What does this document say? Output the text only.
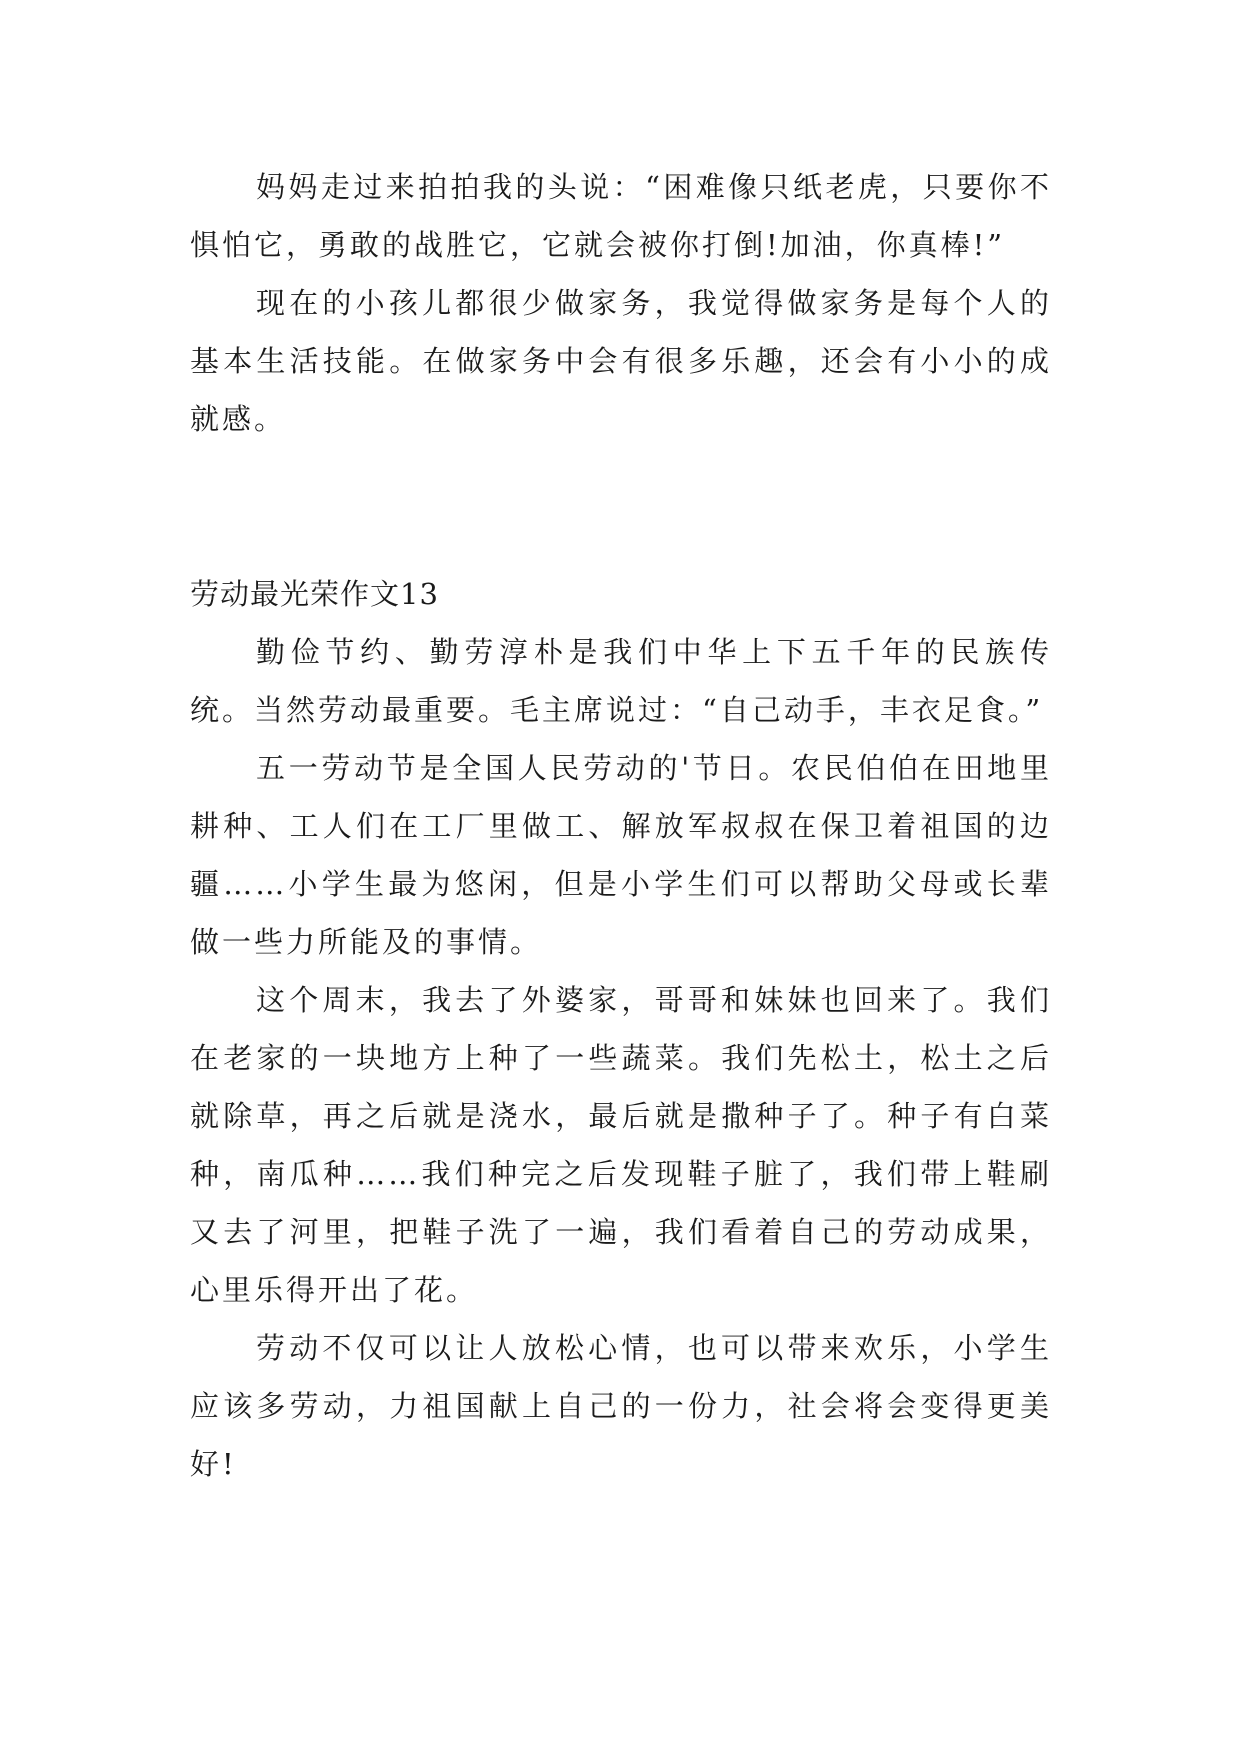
妈妈走过来拍拍我的头说：“困难像只纸老虎，只要你不惧怕它，勇敢的战胜它，它就会被你打倒!加油，你真棒!”

现在的小孩儿都很少做家务，我觉得做家务是每个人的基本生活技能。在做家务中会有很多乐趣，还会有小小的成就感。

劳动最光荣作文13

勤俭节约、勤劳淳朴是我们中华上下五千年的民族传统。当然劳动最重要。毛主席说过：“自己动手，丰衣足食。”

五一劳动节是全国人民劳动的'节日。农民伯伯在田地里耕种、工人们在工厂里做工、解放军叔叔在保卫着祖国的边疆……小学生最为悠闲，但是小学生们可以帮助父母或长辈做一些力所能及的事情。

这个周末，我去了外婆家，哥哥和妹妹也回来了。我们在老家的一块地方上种了一些蔬菜。我们先松土，松土之后就除草，再之后就是浇水，最后就是撒种子了。种子有白菜种，南瓜种……我们种完之后发现鞋子脏了，我们带上鞋刷又去了河里，把鞋子洗了一遍，我们看着自己的劳动成果，心里乐得开出了花。

劳动不仅可以让人放松心情，也可以带来欢乐，小学生应该多劳动，力祖国献上自己的一份力，社会将会变得更美好!
